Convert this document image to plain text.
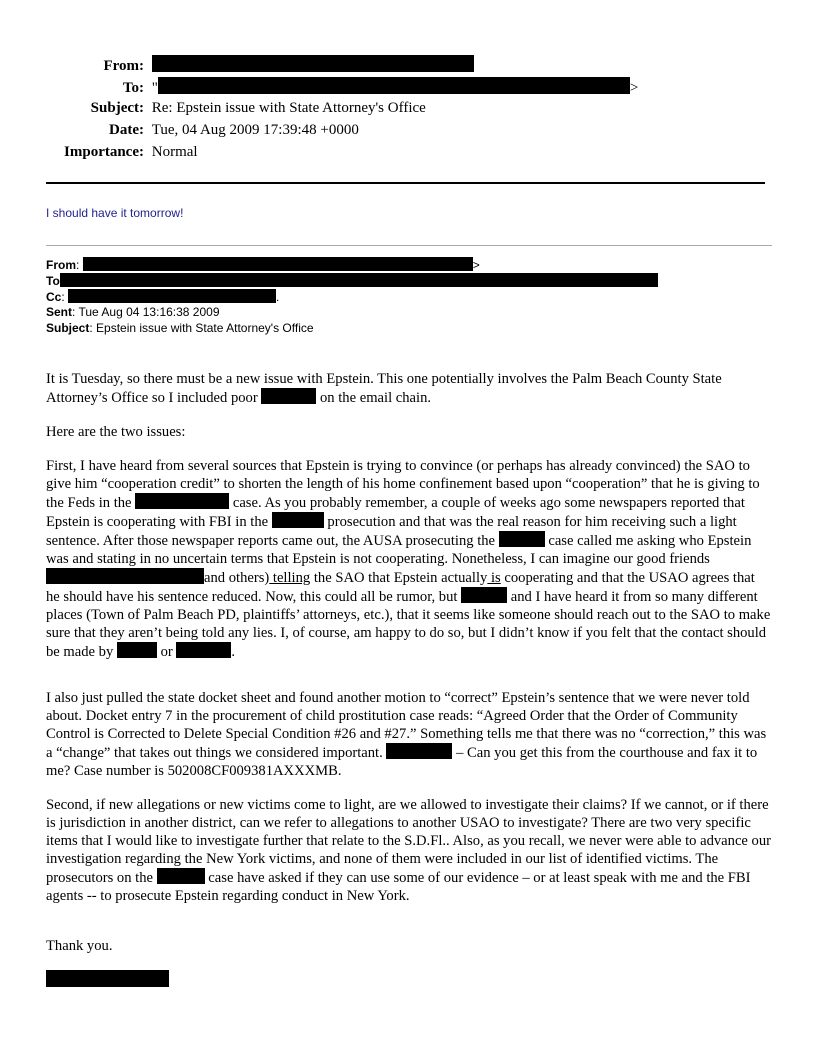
From:
To: "	>
Subject: Re: Epstein issue with State Attorney's Office
Date: Tue, 04 Aug 2009 17:39:48 +0000
Importance: Normal
I should have it tomorrow!
From:	>
To
Cc:	.
Sent: Tue Aug 04 13:16:38 2009
Subject: Epstein issue with State Attorney's Office

It is Tuesday, so there must be a new issue with Epstein. This one potentially involves the Palm Beach County State Attorney’s Office so I included poor	on the email chain.

Here are the two issues:

First, I have heard from several sources that Epstein is trying to convince (or perhaps has already convinced) the SAO to give him “cooperation credit” to shorten the length of his home confinement based upon “cooperation” that he is giving to the Feds in the	case. As you probably remember, a couple of weeks ago some newspapers reported that Epstein is cooperating with FBI in the	prosecution and that was the real reason for him receiving such a light sentence. After those newspaper reports came out, the AUSA prosecuting the	case called me asking who Epstein was and stating in no uncertain terms that Epstein is not cooperating. Nonetheless, I can imagine our good friends and others) telling the SAO that Epstein actually is cooperating and that the USAO agrees that he should have his sentence reduced. Now, this could all be rumor, but	and I have heard it from so many different places (Town of Palm Beach PD, plaintiffs’ attorneys, etc.), that it seems like someone should reach out to the SAO to make sure that they aren’t being told any lies. I, of course, am happy to do so, but I didn’t know if you felt that the contact should be made by	or	.

I also just pulled the state docket sheet and found another motion to “correct” Epstein’s sentence that we were never told about. Docket entry 7 in the procurement of child prostitution case reads: “Agreed Order that the Order of Community Control is Corrected to Delete Special Condition #26 and #27.” Something tells me that there was no “correction,” this was a “change” that takes out things we considered important.	– Can you get this from the courthouse and fax it to me? Case number is 502008CF009381AXXXMB.

Second, if new allegations or new victims come to light, are we allowed to investigate their claims? If we cannot, or if there is jurisdiction in another district, can we refer to allegations to another USAO to investigate? There are two very specific items that I would like to investigate further that relate to the S.D.Fl.. Also, as you recall, we never were able to advance our investigation regarding the New York victims, and none of them were included in our list of identified victims. The prosecutors on the	case have asked if they can use some of our evidence – or at least speak with me and the FBI agents -- to prosecute Epstein regarding conduct in New York.

Thank you.
